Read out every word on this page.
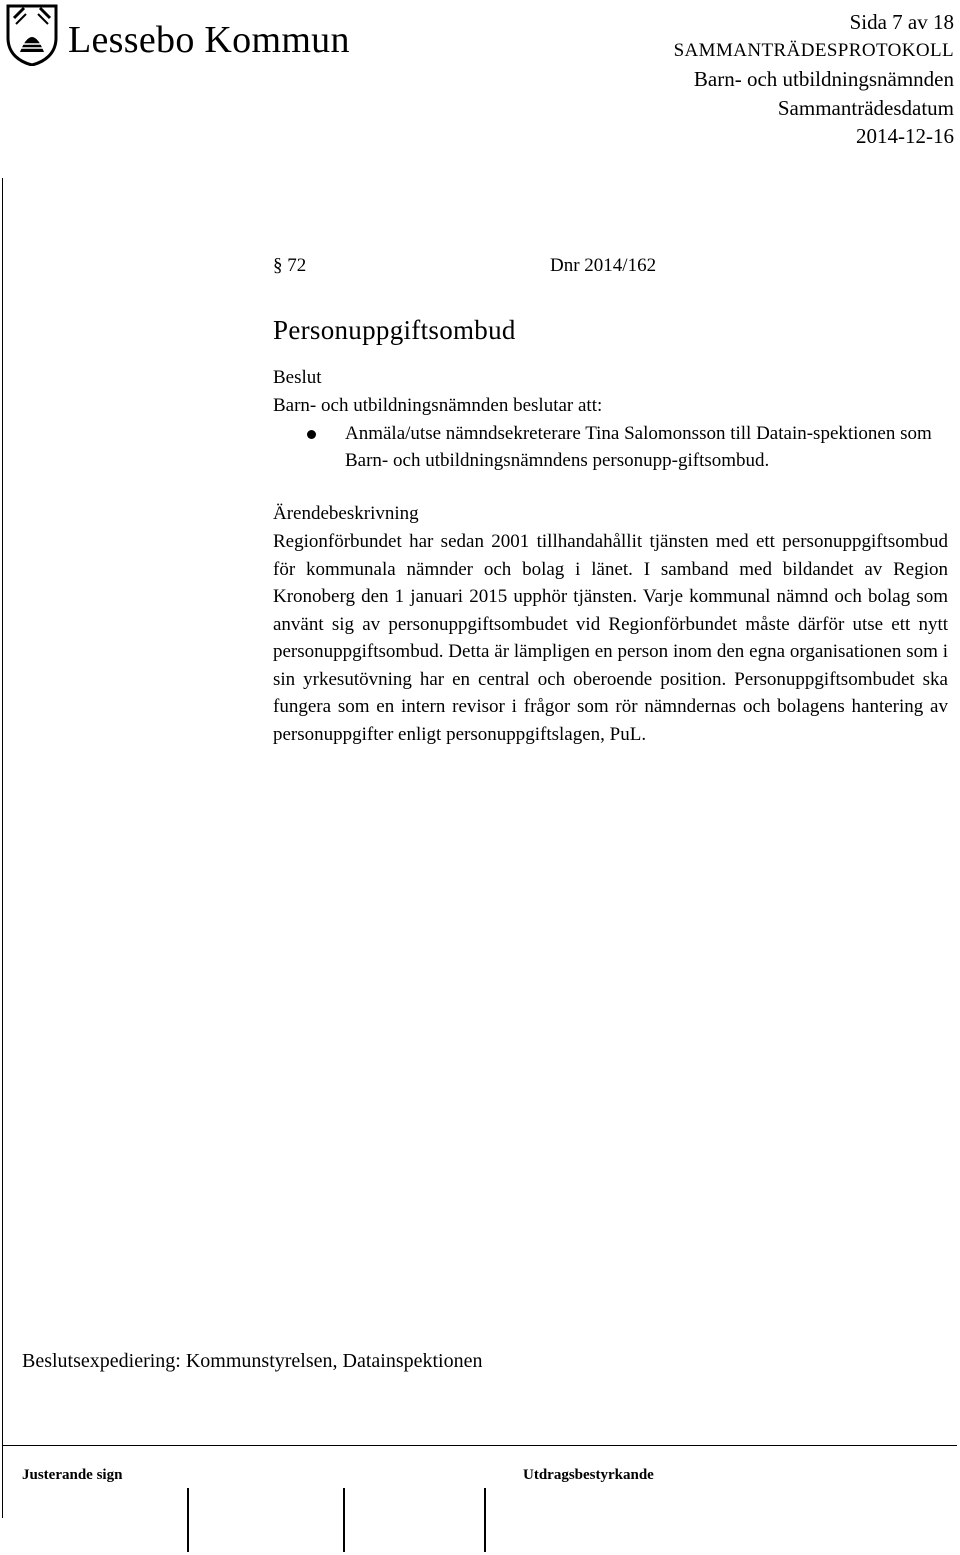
Lessebo Kommun	Sida 7 av 18
SAMMANTRÄDESPROTOKOLL
Barn- och utbildningsnämnden
Sammanträdesdatum
2014-12-16
§ 72	Dnr 2014/162
Personuppgiftsombud
Beslut
Barn- och utbildningsnämnden beslutar att:
Anmäla/utse nämndsekreterare Tina Salomonsson till Datain-spektionen som Barn- och utbildningsnämndens personupp-giftsombud.
Ärendebeskrivning
Regionförbundet har sedan 2001 tillhandahållit tjänsten med ett personuppgiftsombud för kommunala nämnder och bolag i länet. I samband med bildandet av Region Kronoberg den 1 januari 2015 upphör tjänsten. Varje kommunal nämnd och bolag som använt sig av personuppgiftsombudet vid Regionförbundet måste därför utse ett nytt personuppgiftsombud. Detta är lämpligen en person inom den egna organisationen som i sin yrkesutövning har en central och oberoende position. Personuppgiftsombudet ska fungera som en intern revisor i frågor som rör nämndernas och bolagens hantering av personuppgifter enligt personuppgiftslagen, PuL.
Beslutsexpediering: Kommunstyrelsen, Datainspektionen
Justerande sign	Utdragsbestyrkande
